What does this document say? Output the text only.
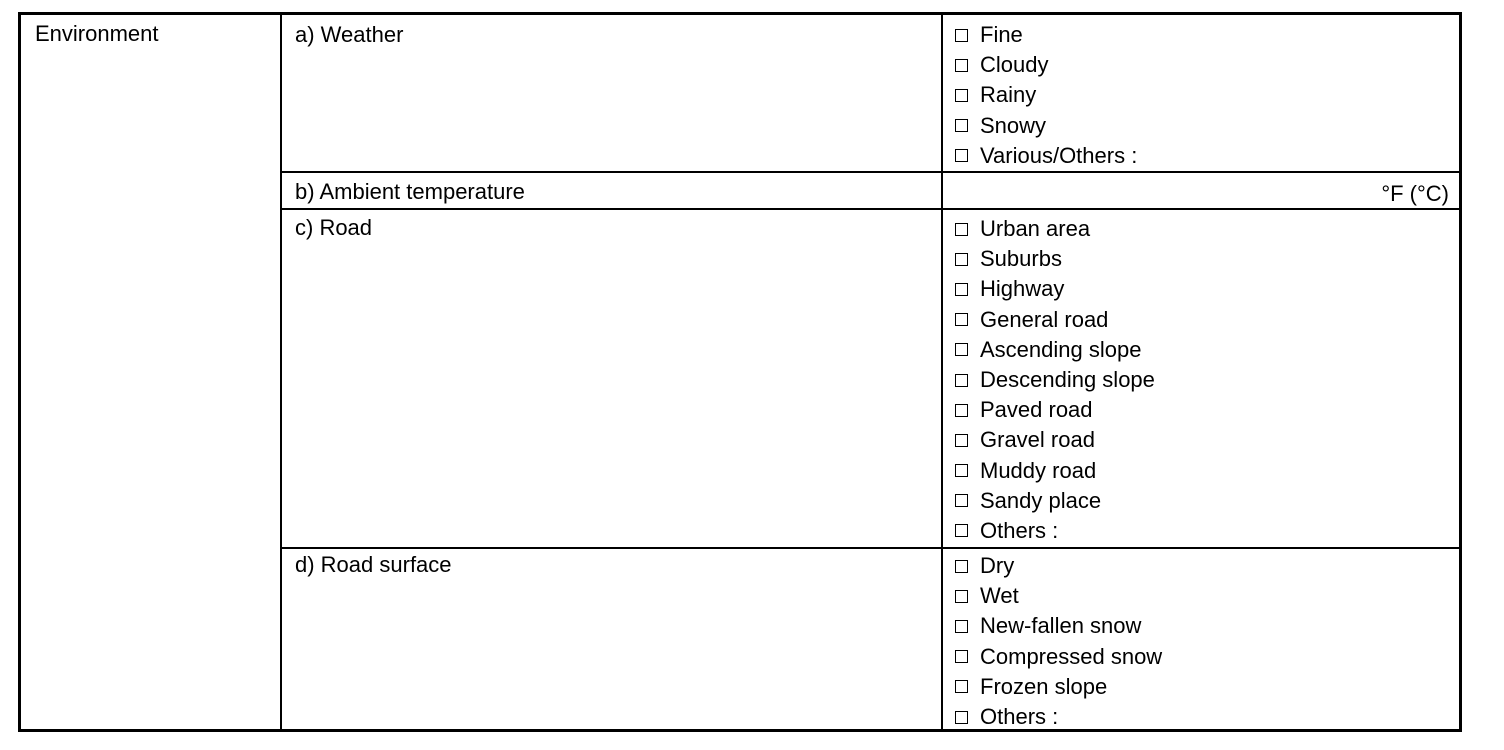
Environment	a) Weather
b) Ambient temperature
c) Road
d) Road surface
°F (°C)
Fine
Cloudy
Rainy
Snowy
Various/Others :
Urban area
Suburbs
Highway
General road
Ascending slope
Descending slope
Paved road
Gravel road
Muddy road
Sandy place
Others :
Dry
Wet
New-fallen snow
Compressed snow
Frozen slope
Others :
